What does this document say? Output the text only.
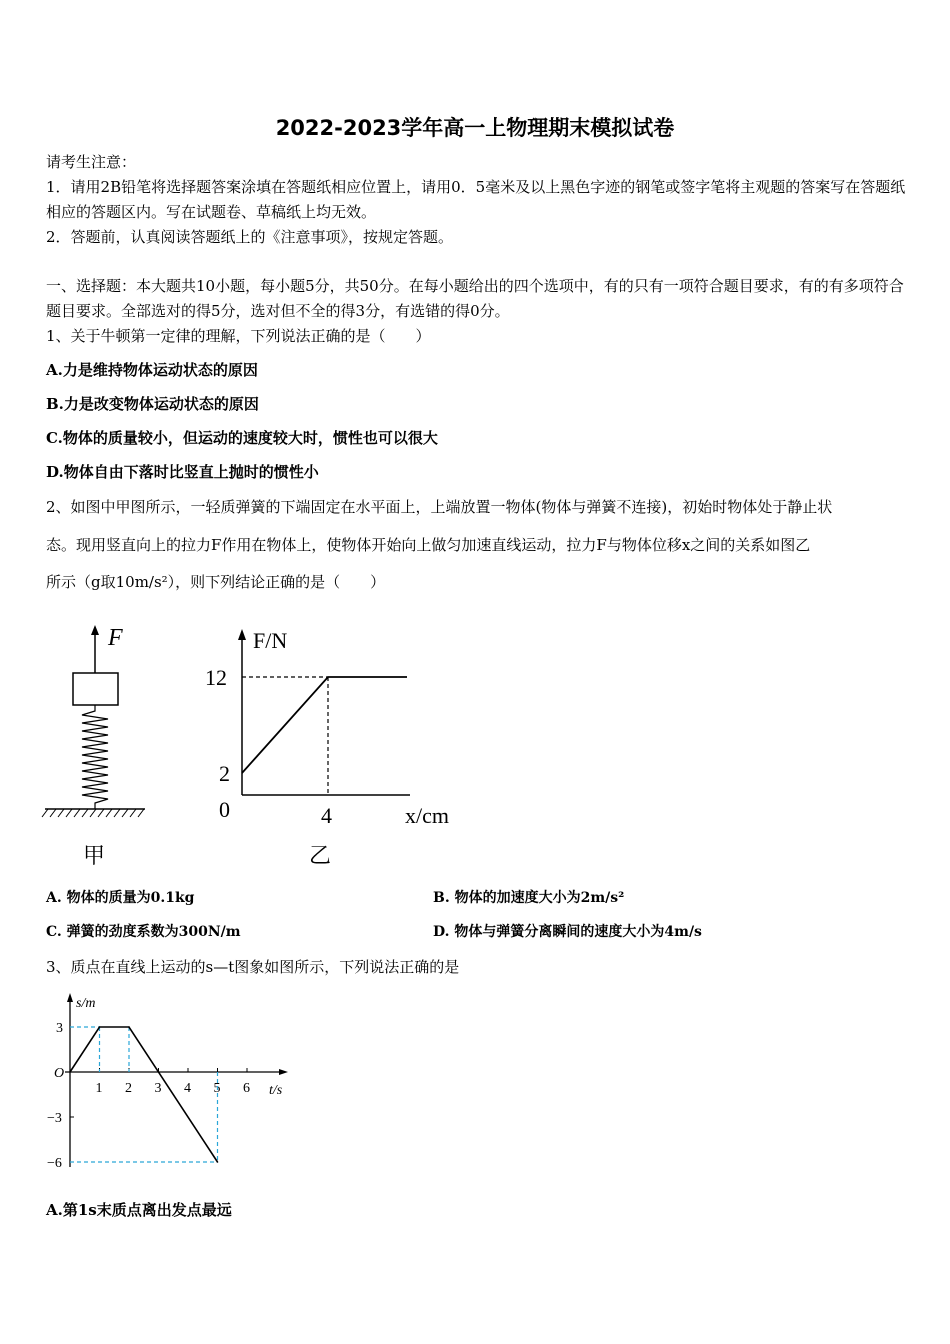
2022-2023学年高一上物理期末模拟试卷
请考生注意：
1．请用2B铅笔将选择题答案涂填在答题纸相应位置上，请用0．5毫米及以上黑色字迹的钢笔或签字笔将主观题的答案写在答题纸相应的答题区内。写在试题卷、草稿纸上均无效。
2．答题前，认真阅读答题纸上的《注意事项》，按规定答题。
一、选择题：本大题共10小题，每小题5分，共50分。在每小题给出的四个选项中，有的只有一项符合题目要求，有的有多项符合题目要求。全部选对的得5分，选对但不全的得3分，有选错的得0分。
1、关于牛顿第一定律的理解，下列说法正确的是（　　）
A.力是维持物体运动状态的原因
B.力是改变物体运动状态的原因
C.物体的质量较小，但运动的速度较大时，惯性也可以很大
D.物体自由下落时比竖直上抛时的惯性小
2、如图中甲图所示，一轻质弹簧的下端固定在水平面上，上端放置一物体(物体与弹簧不连接)，初始时物体处于静止状
态。现用竖直向上的拉力F作用在物体上，使物体开始向上做匀加速直线运动，拉力F与物体位移x之间的关系如图乙
所示（g取10m/s²），则下列结论正确的是（　　）
F
甲
F/N
12
2
0	4	x/cm
乙
A. 物体的质量为0.1kg	B. 物体的加速度大小为2m/s²
C. 弹簧的劲度系数为300N/m	D. 物体与弹簧分离瞬间的速度大小为4m/s
3、质点在直线上运动的s—t图象如图所示，下列说法正确的是
s/m
t/s
O
1 2 3 4 5 6
3
−3
−6
A.第1s末质点离出发点最远
